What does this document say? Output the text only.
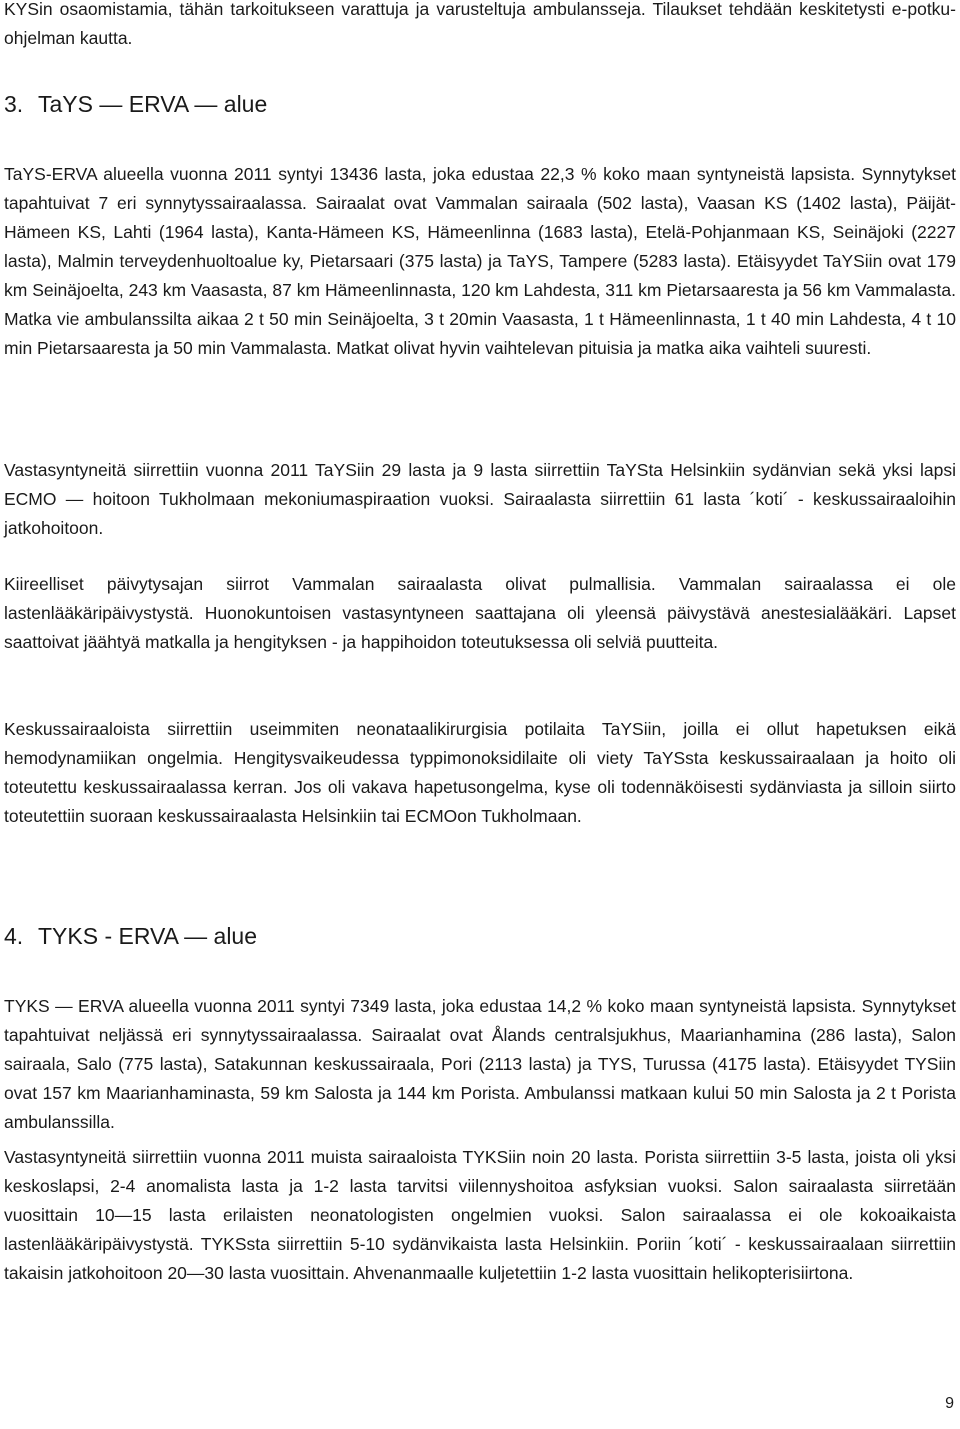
KYSin osaomistamia, tähän tarkoitukseen varattuja ja varusteltuja ambulansseja. Tilaukset tehdään keskitetysti e-potku-ohjelman kautta.

3. TaYS — ERVA — alue

TaYS-ERVA alueella vuonna 2011 syntyi 13436 lasta, joka edustaa 22,3 % koko maan syntyneistä lapsista. Synnytykset tapahtuivat 7 eri synnytyssairaalassa. Sairaalat ovat Vammalan sairaala (502 lasta), Vaasan KS (1402 lasta), Päijät-Hämeen KS, Lahti (1964 lasta), Kanta-Hämeen KS, Hämeenlinna (1683 lasta), Etelä-Pohjanmaan KS, Seinäjoki (2227 lasta), Malmin terveydenhuoltoalue ky, Pietarsaari (375 lasta) ja TaYS, Tampere (5283 lasta). Etäisyydet TaYSiin ovat 179 km Seinäjoelta, 243 km Vaasasta, 87 km Hämeenlinnasta, 120 km Lahdesta, 311 km Pietarsaaresta ja 56 km Vammalasta. Matka vie ambulanssilta aikaa 2 t 50 min Seinäjoelta, 3 t 20min Vaasasta, 1 t Hämeenlinnasta, 1 t 40 min Lahdesta, 4 t 10 min Pietarsaaresta ja 50 min Vammalasta. Matkat olivat hyvin vaihtelevan pituisia ja matka aika vaihteli suuresti.

Vastasyntyneitä siirrettiin vuonna 2011 TaYSiin 29 lasta ja 9 lasta siirrettiin TaYSta Helsinkiin sydänvian sekä yksi lapsi ECMO — hoitoon Tukholmaan mekoniumaspiraation vuoksi. Sairaalasta siirrettiin 61 lasta ´koti´ - keskussairaaloihin jatkohoitoon.

Kiireelliset päivytysajan siirrot Vammalan sairaalasta olivat pulmallisia. Vammalan sairaalassa ei ole lastenlääkäripäivystystä. Huonokuntoisen vastasyntyneen saattajana oli yleensä päivystävä anestesialääkäri. Lapset saattoivat jäähtyä matkalla ja hengityksen - ja happihoidon toteutuksessa oli selviä puutteita.

Keskussairaaloista siirrettiin useimmiten neonataalikirurgisia potilaita TaYSiin, joilla ei ollut hapetuksen eikä hemodynamiikan ongelmia. Hengitysvaikeudessa typpimonoksidilaite oli viety TaYSsta keskussairaalaan ja hoito oli toteutettu keskussairaalassa kerran. Jos oli vakava hapetusongelma, kyse oli todennäköisesti sydänviasta ja silloin siirto toteutettiin suoraan keskussairaalasta Helsinkiin tai ECMOon Tukholmaan.

4. TYKS - ERVA — alue

TYKS — ERVA alueella vuonna 2011 syntyi 7349 lasta, joka edustaa 14,2 % koko maan syntyneistä lapsista. Synnytykset tapahtuivat neljässä eri synnytyssairaalassa. Sairaalat ovat Ålands centralsjukhus, Maarianhamina (286 lasta), Salon sairaala, Salo (775 lasta), Satakunnan keskussairaala, Pori (2113 lasta) ja TYS, Turussa (4175 lasta). Etäisyydet TYSiin ovat 157 km Maarianhaminasta, 59 km Salosta ja 144 km Porista. Ambulanssi matkaan kului 50 min Salosta ja 2 t Porista ambulanssilla.

Vastasyntyneitä siirrettiin vuonna 2011 muista sairaaloista TYKSiin noin 20 lasta. Porista siirrettiin 3-5 lasta, joista oli yksi keskoslapsi, 2-4 anomalista lasta ja 1-2 lasta tarvitsi viilennyshoitoa asfyksian vuoksi. Salon sairaalasta siirretään vuosittain 10—15 lasta erilaisten neonatologisten ongelmien vuoksi. Salon sairaalassa ei ole kokoaikaista lastenlääkäripäivystystä. TYKSsta siirrettiin 5-10 sydänvikaista lasta Helsinkiin. Poriin ´koti´ - keskussairaalaan siirrettiin takaisin jatkohoitoon 20—30 lasta vuosittain. Ahvenanmaalle kuljetettiin 1-2 lasta vuosittain helikopterisiirtona.

9
